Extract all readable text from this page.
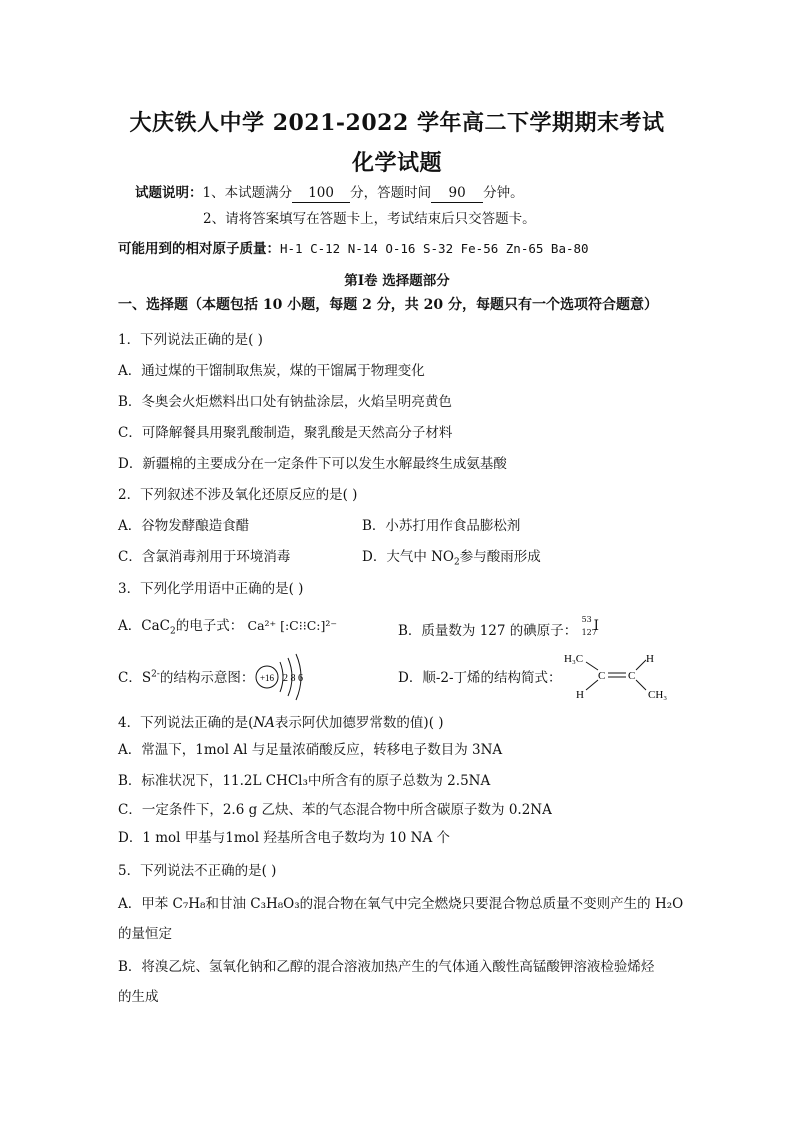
大庆铁人中学 2021-2022 学年高二下学期期末考试
化学试题
试题说明：1、本试题满分 100 分，答题时间 90 分钟。
2、请将答案填写在答题卡上，考试结束后只交答题卡。
可能用到的相对原子质量：H-1 C-12 N-14 O-16 S-32 Fe-56 Zn-65 Ba-80
第Ⅰ卷 选择题部分
一、选择题（本题包括 10 小题，每题 2 分，共 20 分，每题只有一个选项符合题意）
1．下列说法正确的是( )
A．通过煤的干馏制取焦炭，煤的干馏属于物理变化
B．冬奥会火炬燃料出口处有钠盐涂层，火焰呈明亮黄色
C．可降解餐具用聚乳酸制造，聚乳酸是天然高分子材料
D．新疆棉的主要成分在一定条件下可以发生水解最终生成氨基酸
2．下列叙述不涉及氧化还原反应的是( )
A．谷物发酵酿造食醋	B．小苏打用作食品膨松剂
C．含氯消毒剂用于环境消毒	D．大气中 $NO_2$参与酸雨形成
3．下列化学用语中正确的是( )
A．CaC$_2$的电子式： Ca²⁺ [:C⁝⁝C:]²⁻	B．质量数为 127 的碘原子：
53
127
I
C．$S^{2-}$的结构示意图： +16 2 8 6	D．顺-2-丁烯的结构简式：
H₃C	H
C C
H	CH₃
4．下列说法正确的是(NA表示阿伏加德罗常数的值)( )
A．常温下，1mol Al 与足量浓硝酸反应，转移电子数目为 3NA
B．标准状况下，11.2L CHCl₃中所含有的原子总数为 2.5NA
C．一定条件下，2.6 g 乙炔、苯的气态混合物中所含碳原子数为 0.2NA
D．1 mol 甲基与1mol 羟基所含电子数均为 10 NA 个
5．下列说法不正确的是( )
A．甲苯 C₇H₈和甘油 C₃H₈O₃的混合物在氧气中完全燃烧只要混合物总质量不变则产生的 H₂O
的量恒定
B．将溴乙烷、氢氧化钠和乙醇的混合溶液加热产生的气体通入酸性高锰酸钾溶液检验烯烃
的生成
